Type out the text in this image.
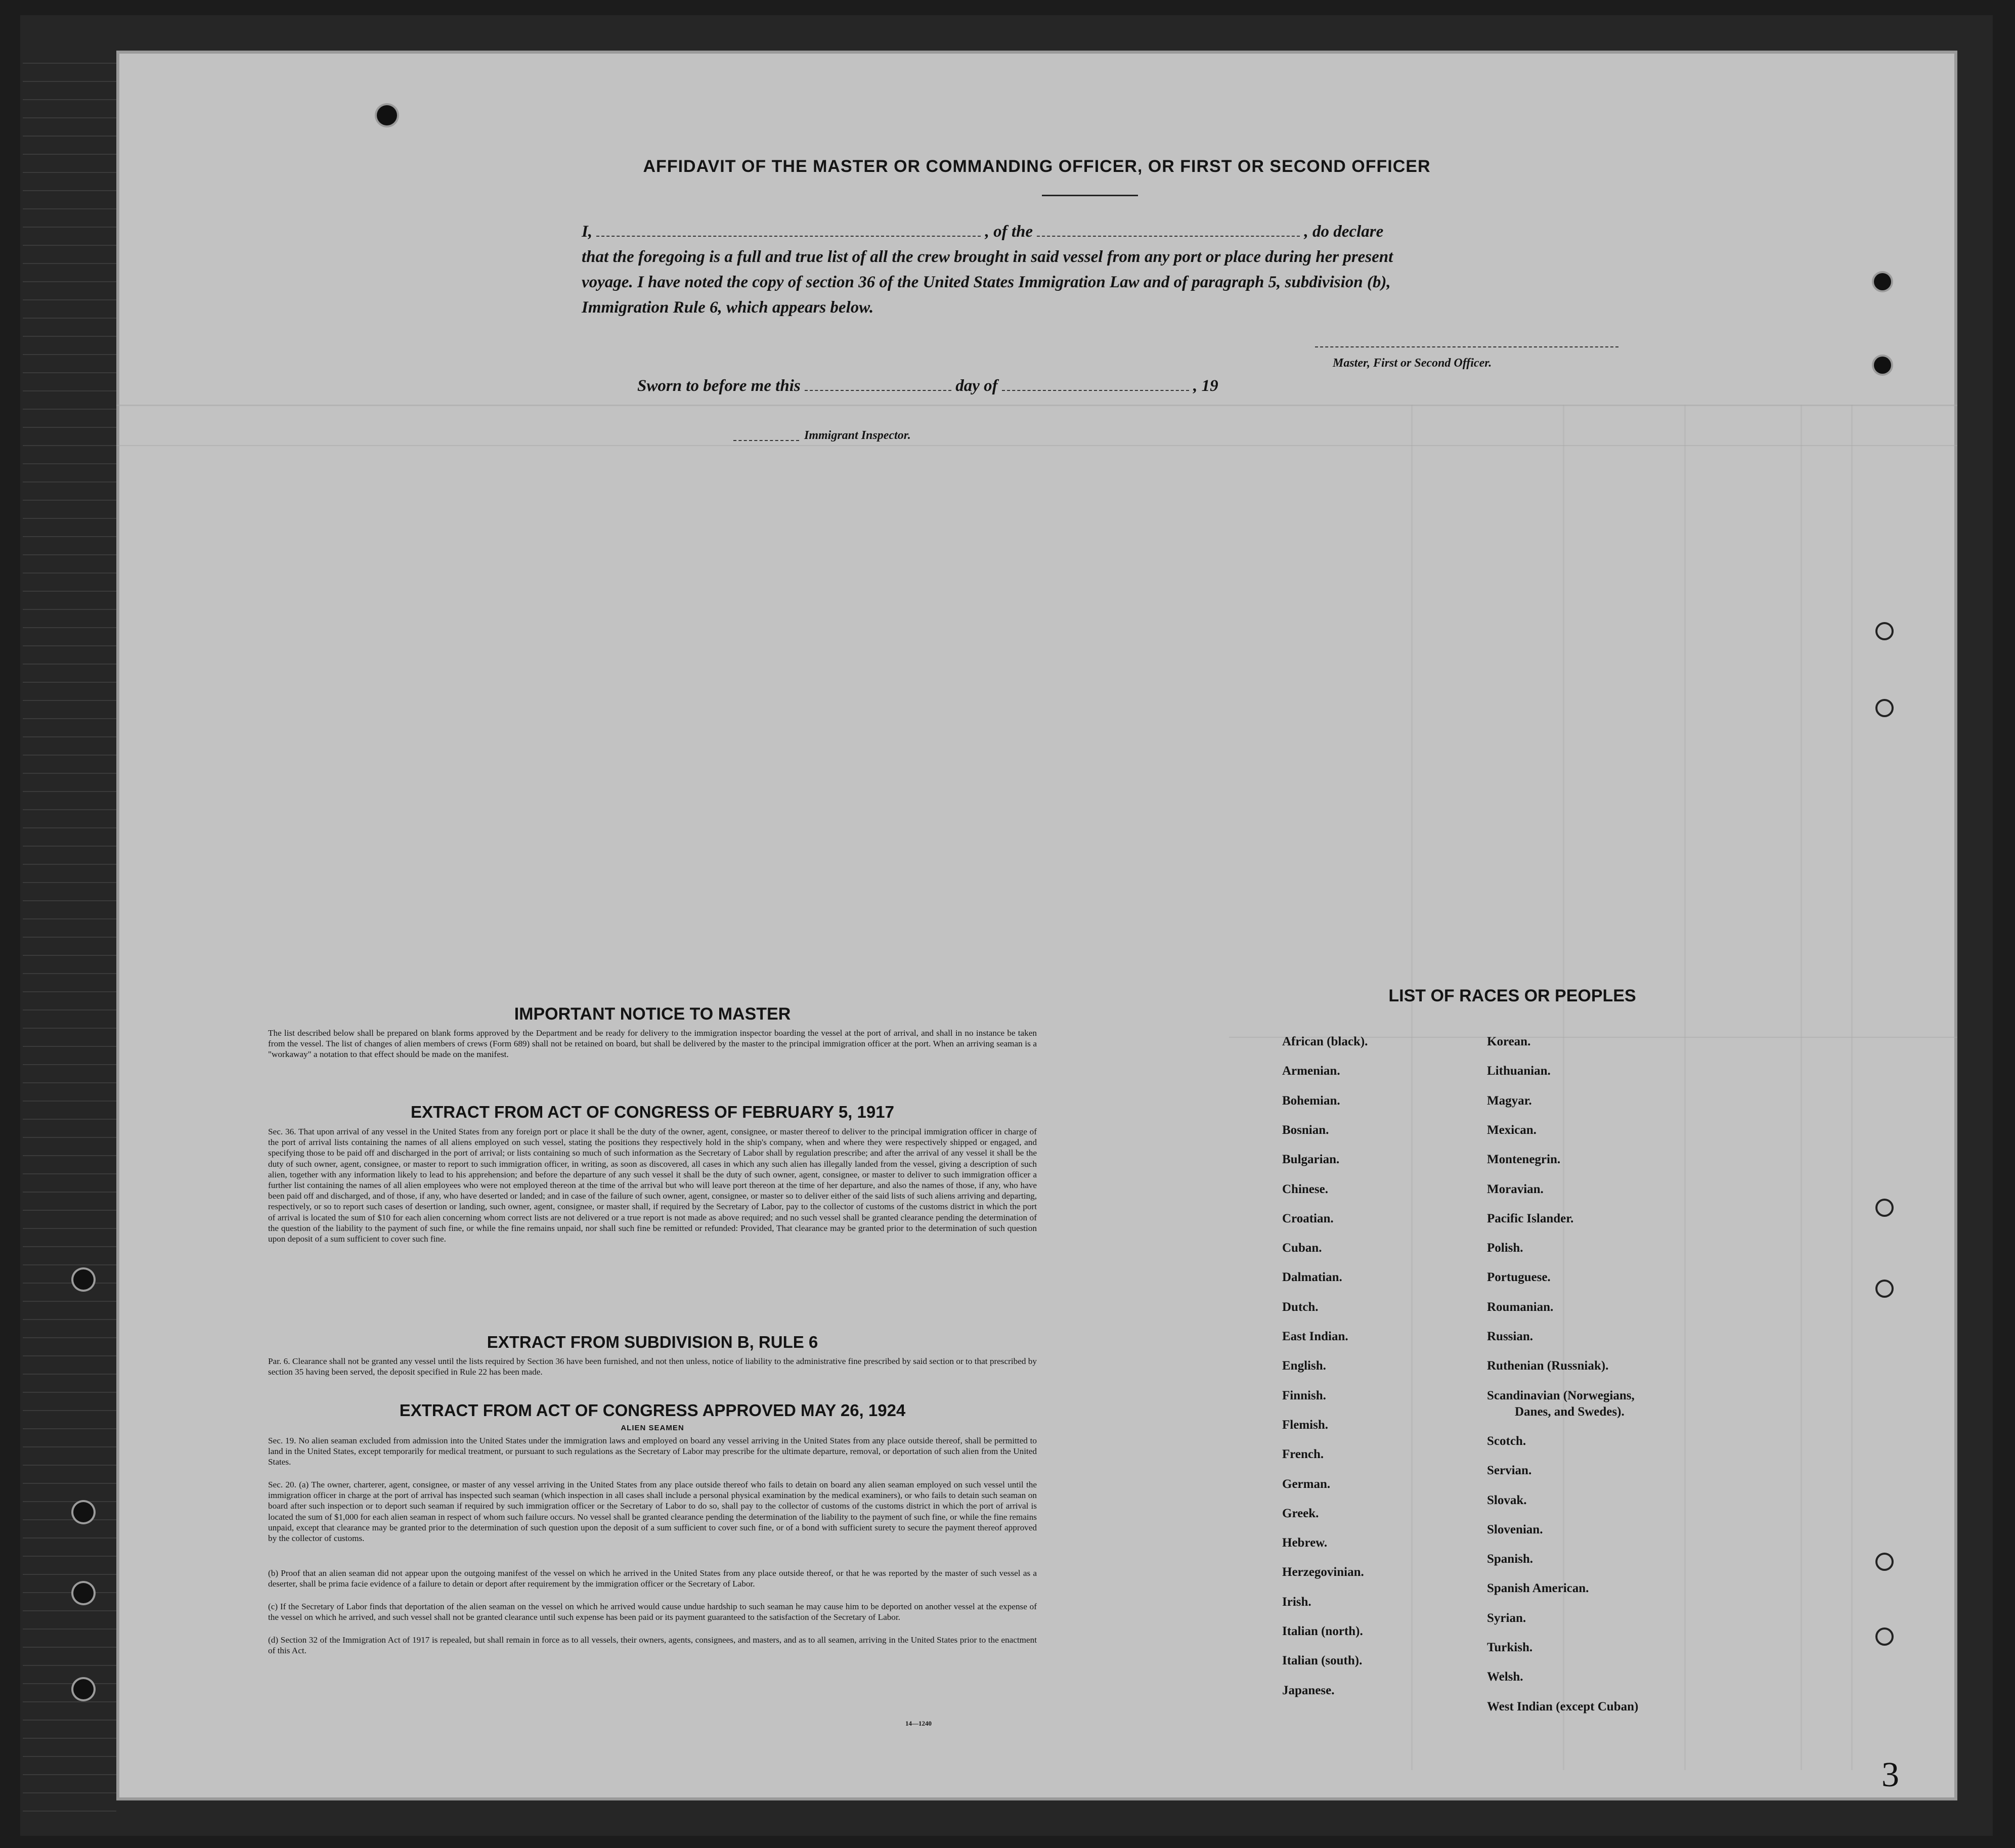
AFFIDAVIT OF THE MASTER OR COMMANDING OFFICER, OR FIRST OR SECOND OFFICER
I,	, of the	, do declare
that the foregoing is a full and true list of all the crew brought in said vessel from any port or place during her present
voyage. I have noted the copy of section 36 of the United States Immigration Law and of paragraph 5, subdivision (b),
Immigration Rule 6, which appears below.
Master, First or Second Officer.
Sworn to before me this	day of	, 19
Immigrant Inspector.
IMPORTANT NOTICE TO MASTER
The list described below shall be prepared on blank forms approved by the Department and be ready for delivery to the immigration inspector boarding the vessel at the port of arrival, and shall in no instance be taken from the vessel. The list of changes of alien members of crews (Form 689) shall not be retained on board, but shall be delivered by the master to the principal immigration officer at the port. When an arriving seaman is a "workaway" a notation to that effect should be made on the manifest.
EXTRACT FROM ACT OF CONGRESS OF FEBRUARY 5, 1917
Sec. 36. That upon arrival of any vessel in the United States from any foreign port or place it shall be the duty of the owner, agent, consignee, or master thereof to deliver to the principal immigration officer in charge of the port of arrival lists containing the names of all aliens employed on such vessel, stating the positions they respectively hold in the ship's company, when and where they were respectively shipped or engaged, and specifying those to be paid off and discharged in the port of arrival; or lists containing so much of such information as the Secretary of Labor shall by regulation prescribe; and after the arrival of any vessel it shall be the duty of such owner, agent, consignee, or master to report to such immigration officer, in writing, as soon as discovered, all cases in which any such alien has illegally landed from the vessel, giving a description of such alien, together with any information likely to lead to his apprehension; and before the departure of any such vessel it shall be the duty of such owner, agent, consignee, or master to deliver to such immigration officer a further list containing the names of all alien employees who were not employed thereon at the time of the arrival but who will leave port thereon at the time of her departure, and also the names of those, if any, who have been paid off and discharged, and of those, if any, who have deserted or landed; and in case of the failure of such owner, agent, consignee, or master so to deliver either of the said lists of such aliens arriving and departing, respectively, or so to report such cases of desertion or landing, such owner, agent, consignee, or master shall, if required by the Secretary of Labor, pay to the collector of customs of the customs district in which the port of arrival is located the sum of $10 for each alien concerning whom correct lists are not delivered or a true report is not made as above required; and no such vessel shall be granted clearance pending the determination of the question of the liability to the payment of such fine, or while the fine remains unpaid, nor shall such fine be remitted or refunded: Provided, That clearance may be granted prior to the determination of such question upon deposit of a sum sufficient to cover such fine.
EXTRACT FROM SUBDIVISION B, RULE 6
Par. 6. Clearance shall not be granted any vessel until the lists required by Section 36 have been furnished, and not then unless, notice of liability to the administrative fine prescribed by said section or to that prescribed by section 35 having been served, the deposit specified in Rule 22 has been made.
EXTRACT FROM ACT OF CONGRESS APPROVED MAY 26, 1924
ALIEN SEAMEN
Sec. 19. No alien seaman excluded from admission into the United States under the immigration laws and employed on board any vessel arriving in the United States from any place outside thereof, shall be permitted to land in the United States, except temporarily for medical treatment, or pursuant to such regulations as the Secretary of Labor may prescribe for the ultimate departure, removal, or deportation of such alien from the United States.
Sec. 20. (a) The owner, charterer, agent, consignee, or master of any vessel arriving in the United States from any place outside thereof who fails to detain on board any alien seaman employed on such vessel until the immigration officer in charge at the port of arrival has inspected such seaman (which inspection in all cases shall include a personal physical examination by the medical examiners), or who fails to detain such seaman on board after such inspection or to deport such seaman if required by such immigration officer or the Secretary of Labor to do so, shall pay to the collector of customs of the customs district in which the port of arrival is located the sum of $1,000 for each alien seaman in respect of whom such failure occurs. No vessel shall be granted clearance pending the determination of the liability to the payment of such fine, or while the fine remains unpaid, except that clearance may be granted prior to the determination of such question upon the deposit of a sum sufficient to cover such fine, or of a bond with sufficient surety to secure the payment thereof approved by the collector of customs.
(b) Proof that an alien seaman did not appear upon the outgoing manifest of the vessel on which he arrived in the United States from any place outside thereof, or that he was reported by the master of such vessel as a deserter, shall be prima facie evidence of a failure to detain or deport after requirement by the immigration officer or the Secretary of Labor.
(c) If the Secretary of Labor finds that deportation of the alien seaman on the vessel on which he arrived would cause undue hardship to such seaman he may cause him to be deported on another vessel at the expense of the vessel on which he arrived, and such vessel shall not be granted clearance until such expense has been paid or its payment guaranteed to the satisfaction of the Secretary of Labor.
(d) Section 32 of the Immigration Act of 1917 is repealed, but shall remain in force as to all vessels, their owners, agents, consignees, and masters, and as to all seamen, arriving in the United States prior to the enactment of this Act.
14—1240
LIST OF RACES OR PEOPLES
African (black).
Armenian.
Bohemian.
Bosnian.
Bulgarian.
Chinese.
Croatian.
Cuban.
Dalmatian.
Dutch.
East Indian.
English.
Finnish.
Flemish.
French.
German.
Greek.
Hebrew.
Herzegovinian.
Irish.
Italian (north).
Italian (south).
Japanese.
Korean.
Lithuanian.
Magyar.
Mexican.
Montenegrin.
Moravian.
Pacific Islander.
Polish.
Portuguese.
Roumanian.
Russian.
Ruthenian (Russniak).
Scandinavian (Norwegians,
Danes, and Swedes).
Scotch.
Servian.
Slovak.
Slovenian.
Spanish.
Spanish American.
Syrian.
Turkish.
Welsh.
West Indian (except Cuban)
3
